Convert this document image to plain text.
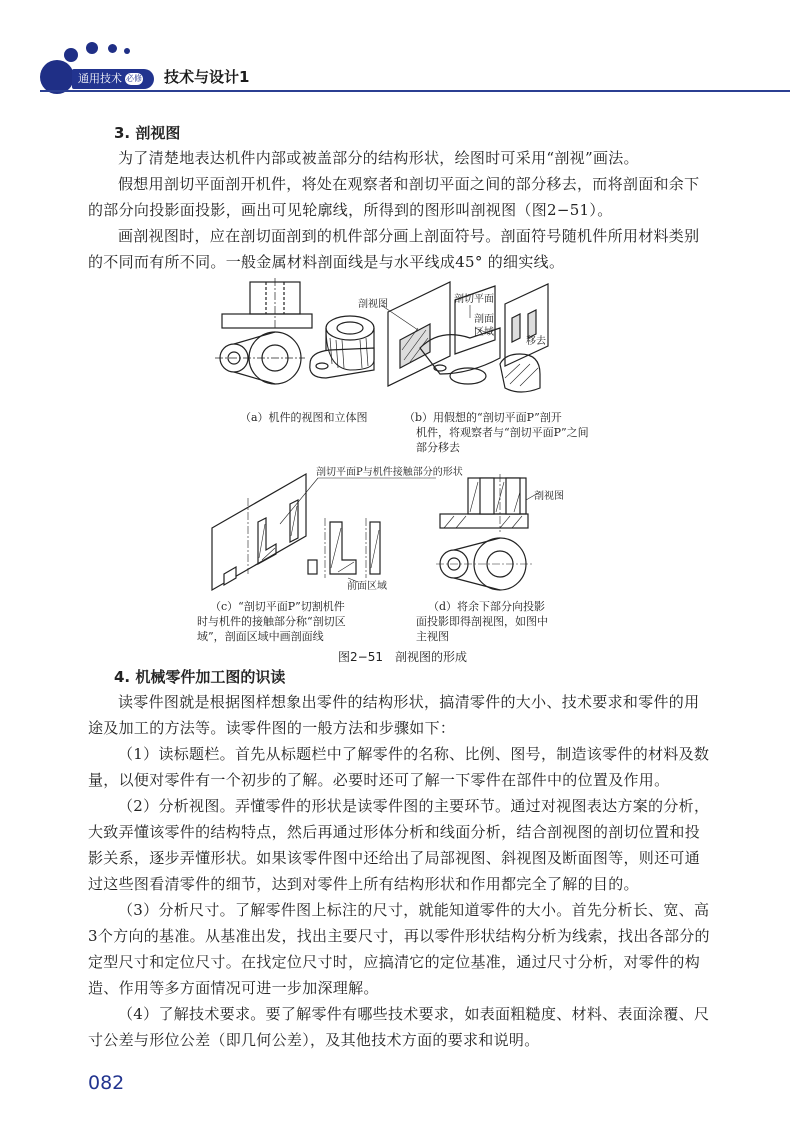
通用技术 必修	技术与设计1
3. 剖视图
为了清楚地表达机件内部或被盖部分的结构形状，绘图时可采用“剖视”画法。
假想用剖切平面剖开机件，将处在观察者和剖切平面之间的部分移去，而将剖面和余下的部分向投影面投影，画出可见轮廓线，所得到的图形叫剖视图（图2−51）。
画剖视图时，应在剖切面剖到的机件部分画上剖面符号。剖面符号随机件所用材料类别的不同而有所不同。一般金属材料剖面线是与水平线成45° 的细实线。
剖视图	剖切平面
剖面
区域
移去
剖切平面P与机件接触部分的形状
前面区域
剖视图
（a）机件的视图和立体图	（b）用假想的“剖切平面P”剖开
机件，将观察者与“剖切平面P”之间
部分移去
（c）“剖切平面P”切割机件
时与机件的接触部分称“剖切区
域”，剖面区域中画剖面线
（d）将余下部分向投影
面投影即得剖视图，如图中
主视图
图2−51　剖视图的形成
4. 机械零件加工图的识读
读零件图就是根据图样想象出零件的结构形状，搞清零件的大小、技术要求和零件的用途及加工的方法等。读零件图的一般方法和步骤如下：
（1）读标题栏。首先从标题栏中了解零件的名称、比例、图号，制造该零件的材料及数量，以便对零件有一个初步的了解。必要时还可了解一下零件在部件中的位置及作用。
（2）分析视图。弄懂零件的形状是读零件图的主要环节。通过对视图表达方案的分析，大致弄懂该零件的结构特点，然后再通过形体分析和线面分析，结合剖视图的剖切位置和投影关系，逐步弄懂形状。如果该零件图中还给出了局部视图、斜视图及断面图等，则还可通过这些图看清零件的细节，达到对零件上所有结构形状和作用都完全了解的目的。
（3）分析尺寸。了解零件图上标注的尺寸，就能知道零件的大小。首先分析长、宽、高3个方向的基准。从基准出发，找出主要尺寸，再以零件形状结构分析为线索，找出各部分的定型尺寸和定位尺寸。在找定位尺寸时，应搞清它的定位基准，通过尺寸分析，对零件的构造、作用等多方面情况可进一步加深理解。
（4）了解技术要求。要了解零件有哪些技术要求，如表面粗糙度、材料、表面涂覆、尺寸公差与形位公差（即几何公差），及其他技术方面的要求和说明。
082
